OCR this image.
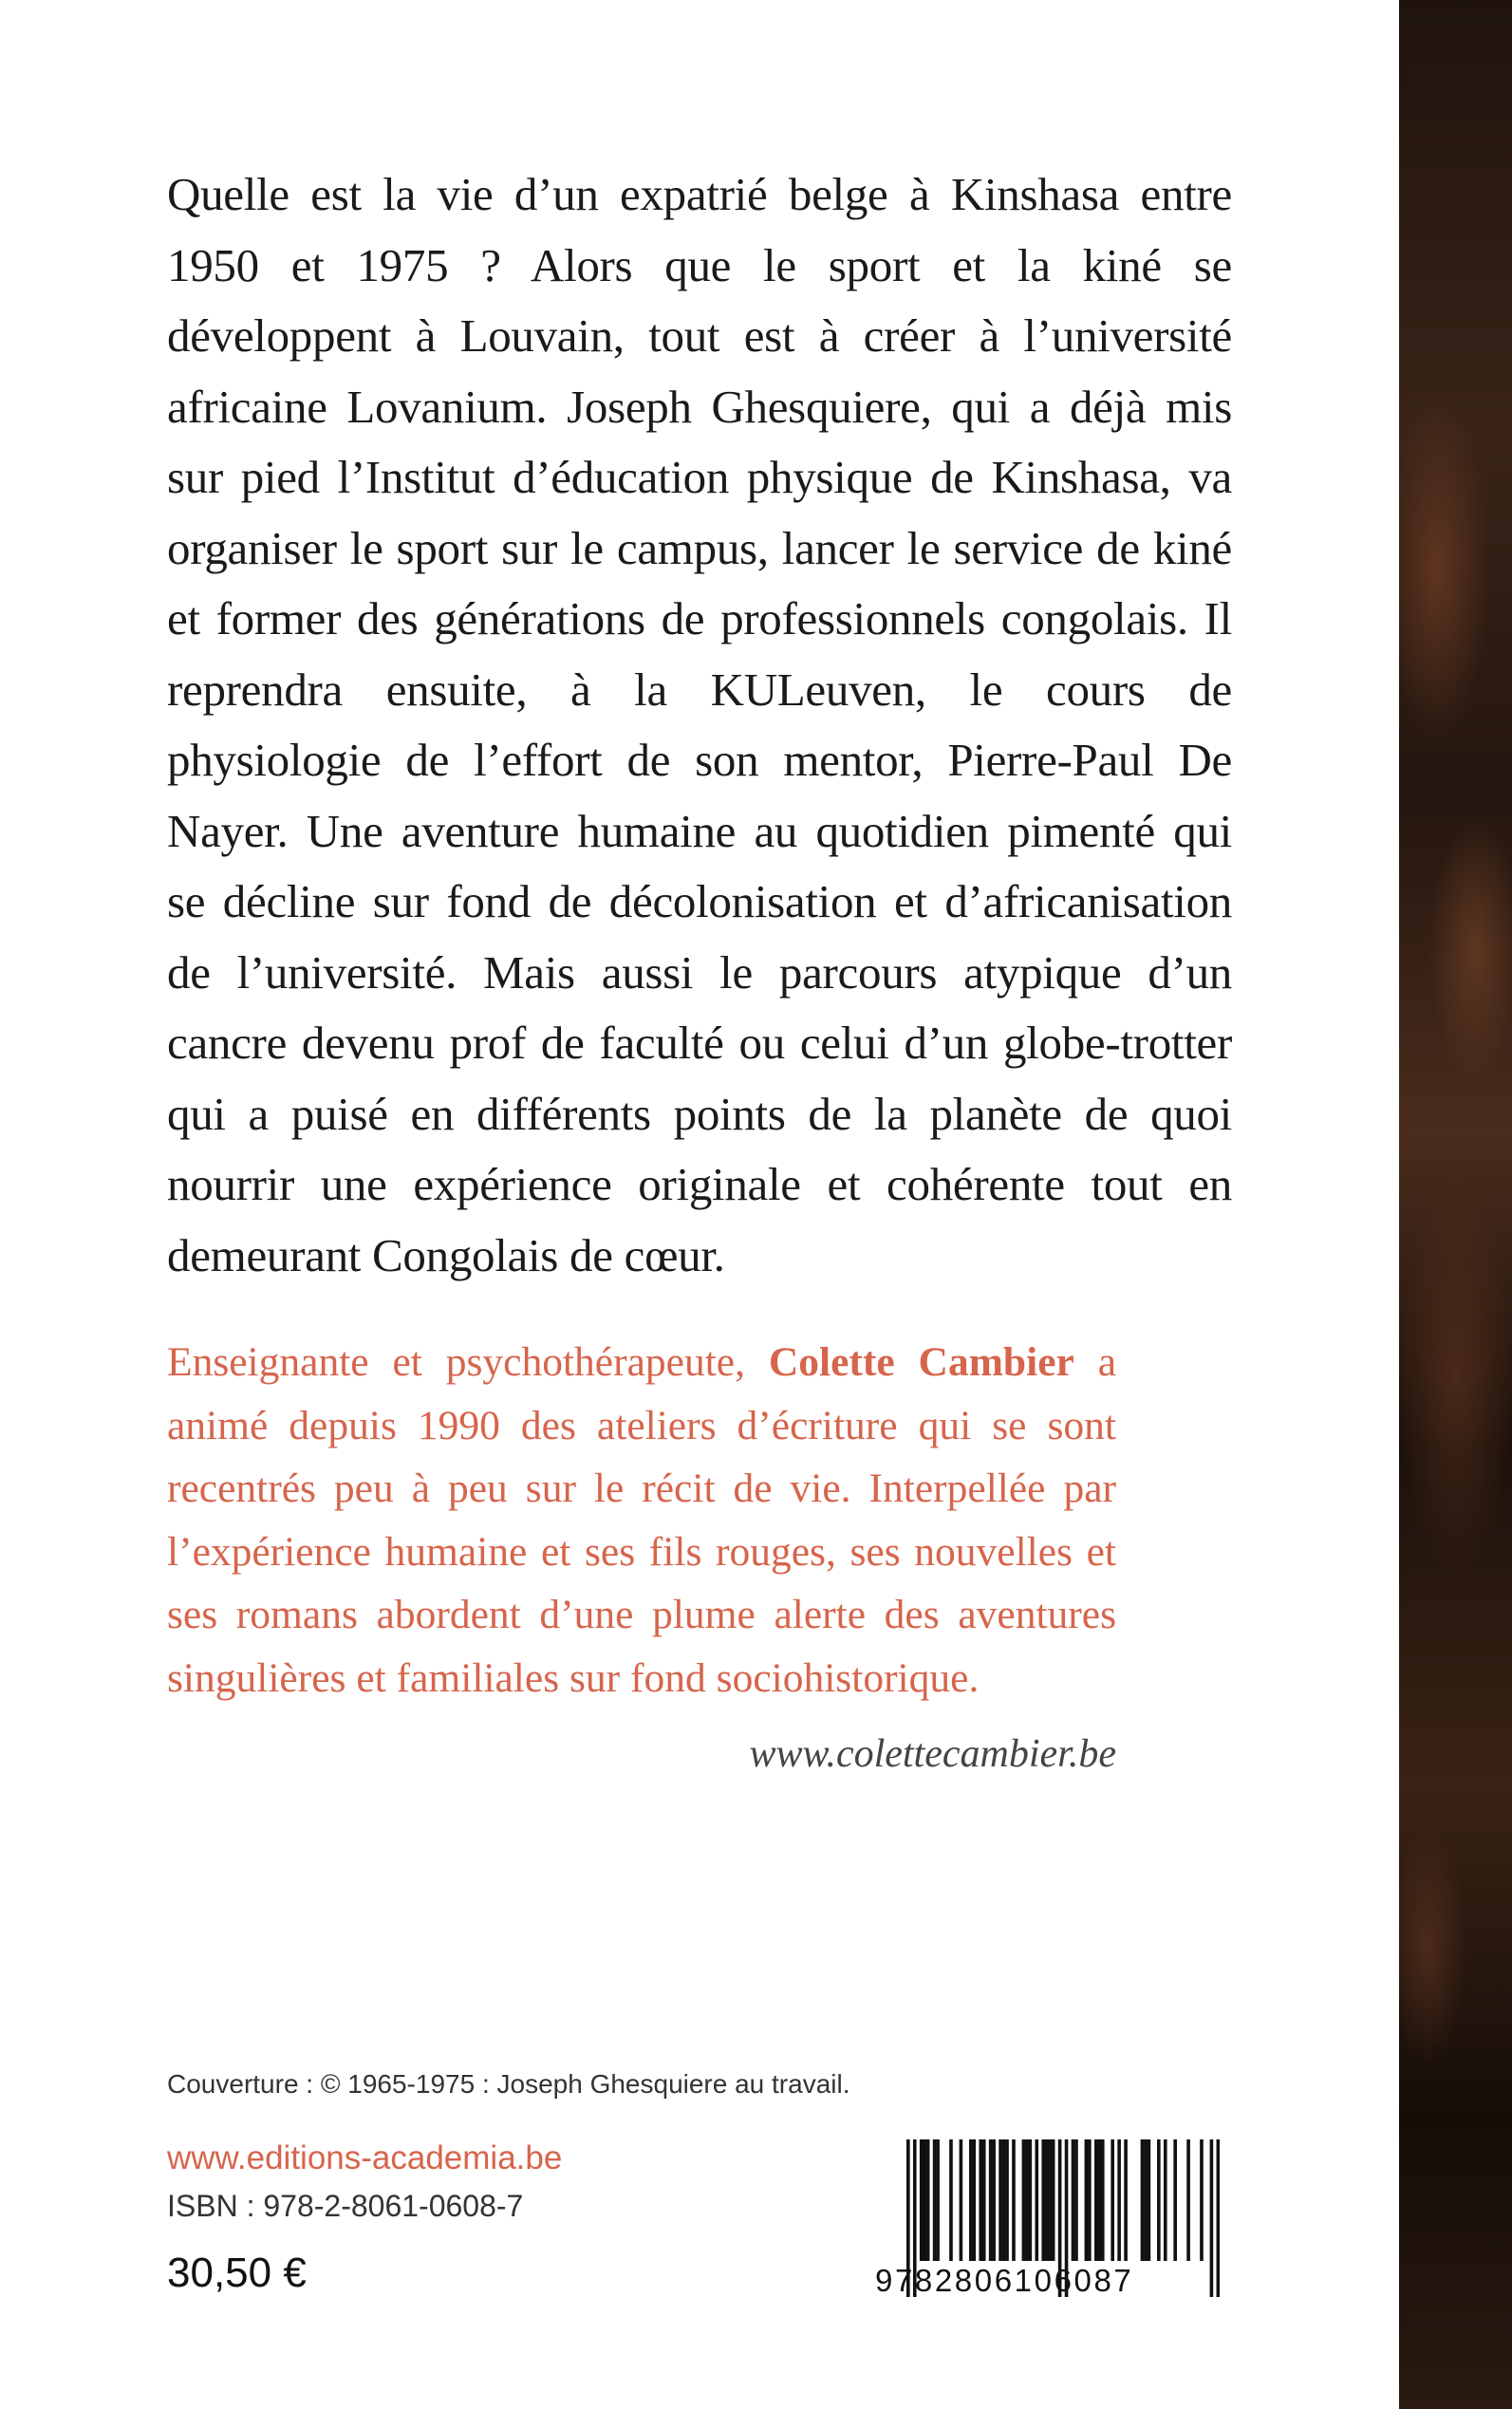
Quelle est la vie d’un expatrié belge à Kinshasa entre 1950 et 1975 ? Alors que le sport et la kiné se développent à Louvain, tout est à créer à l’université africaine Lovanium. Joseph Ghesquiere, qui a déjà mis sur pied l’Institut d’éducation physique de Kinshasa, va organiser le sport sur le campus, lancer le service de kiné et former des générations de professionnels congolais. Il reprendra ensuite, à la KULeuven, le cours de physiologie de l’effort de son mentor, Pierre-Paul De Nayer. Une aventure humaine au quotidien pimenté qui se décline sur fond de décolonisation et d’africanisation de l’université. Mais aussi le parcours atypique d’un cancre devenu prof de faculté ou celui d’un globe-trotter qui a puisé en différents points de la planète de quoi nourrir une expérience originale et cohérente tout en demeurant Congolais de cœur.

Enseignante et psychothérapeute, Colette Cambier a animé depuis 1990 des ateliers d’écriture qui se sont recentrés peu à peu sur le récit de vie. Interpellée par l’expérience humaine et ses fils rouges, ses nouvelles et ses romans abordent d’une plume alerte des aventures singulières et familiales sur fond sociohistorique.

www.colettecambier.be
Couverture : © 1965-1975 : Joseph Ghesquiere au travail.
www.editions-academia.be
ISBN : 978-2-8061-0608-7
30,50 €	9782806106087
